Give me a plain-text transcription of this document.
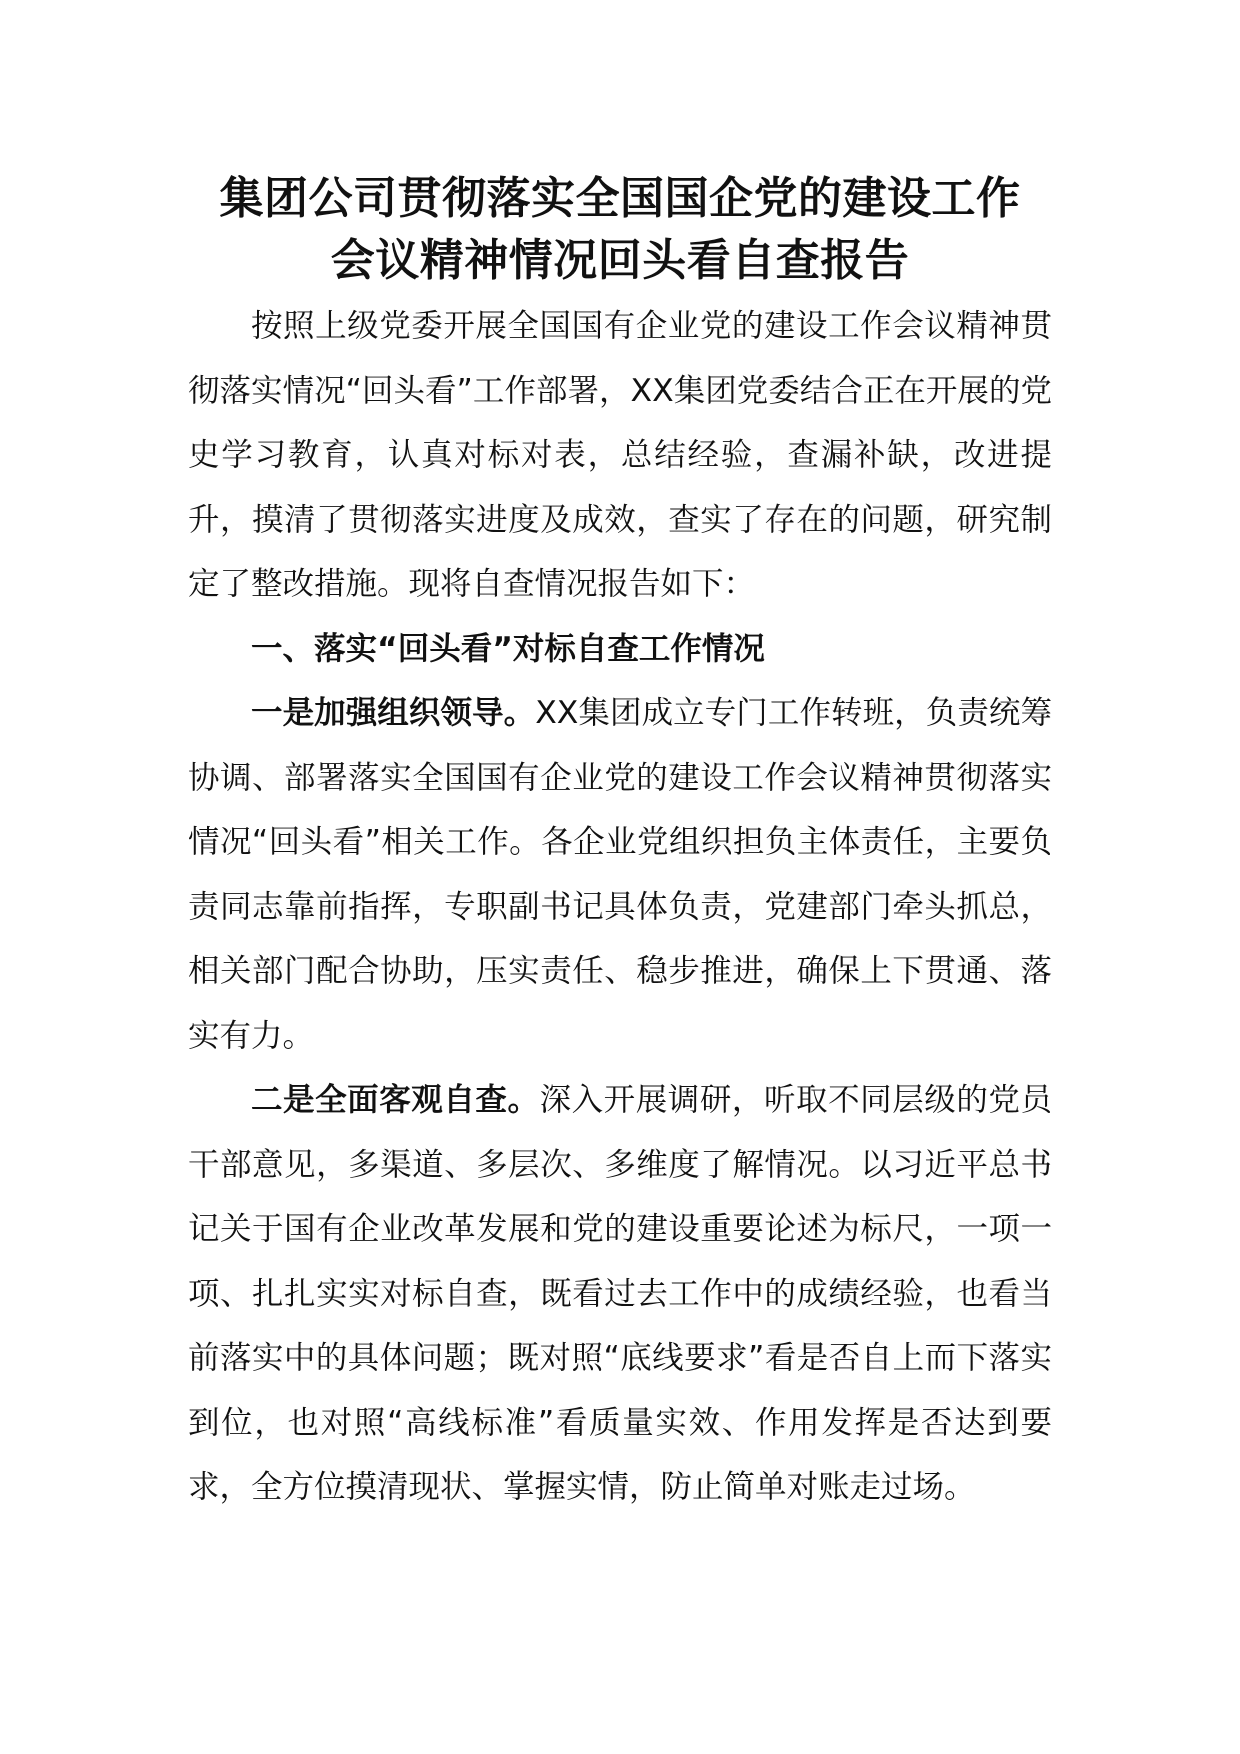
集团公司贯彻落实全国国企党的建设工作
会议精神情况回头看自查报告

按照上级党委开展全国国有企业党的建设工作会议精神贯彻落实情况“回头看”工作部署，XX集团党委结合正在开展的党史学习教育，认真对标对表，总结经验，查漏补缺，改进提升，摸清了贯彻落实进度及成效，查实了存在的问题，研究制定了整改措施。现将自查情况报告如下：

一、落实“回头看”对标自查工作情况

一是加强组织领导。XX集团成立专门工作转班，负责统筹协调、部署落实全国国有企业党的建设工作会议精神贯彻落实情况“回头看”相关工作。各企业党组织担负主体责任，主要负责同志靠前指挥，专职副书记具体负责，党建部门牵头抓总，相关部门配合协助，压实责任、稳步推进，确保上下贯通、落实有力。

二是全面客观自查。深入开展调研，听取不同层级的党员干部意见，多渠道、多层次、多维度了解情况。以习近平总书记关于国有企业改革发展和党的建设重要论述为标尺，一项一项、扎扎实实对标自查，既看过去工作中的成绩经验，也看当前落实中的具体问题；既对照“底线要求”看是否自上而下落实到位，也对照“高线标准”看质量实效、作用发挥是否达到要求，全方位摸清现状、掌握实情，防止简单对账走过场。
